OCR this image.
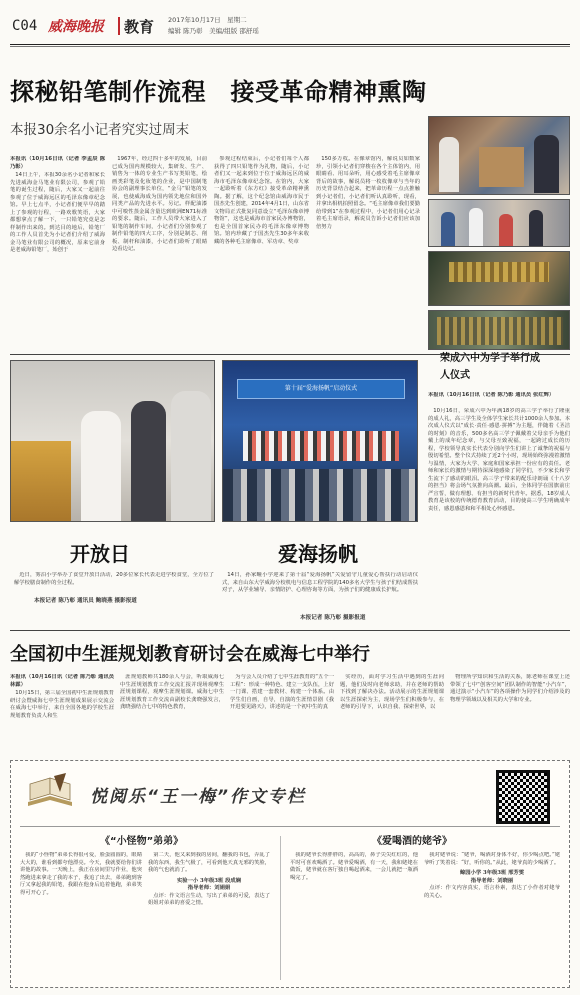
C04 威海晚报 教育 2017年10月17日　星期二
编辑 陈乃彰　美编/组版 邵舒瑶
探秘铅笔制作流程　接受革命精神熏陶
本报30余名小记者究实过周末
本报讯（10月16日讯（记者 李孟辰 陈乃彰）

14日上午，本报30余名小记者和家长先进威海金马笔业有限公司，参观了铅笔的诞生过程，随后，大家又一起前往参观了位于威海远区的毛泽东像章纪念馆。早上七点半，小记者们便早早的踏上了参观的行程，一路欢歌笑语，大家都想拿点了解一下，一只铅笔究竟是怎样制作出来的。到达目的地后，铅笔厂的工作人员首先为小记者们介绍了威海金马笔业有限公司的概况，原来它前身是老威海铅笔厂，始创于

1967年，经过四十多年的发展，目前已成为国内规模较大，集研发、生产、销售为一体的专业生产书写类铅笔，绘画类彩笔及化妆笔的企业，是中国制笔协会的副理事长单位，“金马”铅笔的发展，也使威海成为国内领先地位和国外同类产品的先进水平。另记。样配油漆中可嗅性蒸金属含量达到欧洲EN71标准的要求。随后，工作人员带大家进入了铅笔的制作车间，小记者们分别参观了制作铅笔的四大工序，分别是制芯、削板、制杆和油漆，小记者们聆听了眼睛边看边记。

参观过程结束后，小记者们每个人都获得了四只铅笔作为礼物，随后，小记者们又一起来到位于位于威海远区的威海市毛泽东像章纪念馆。在馆内，大家一起聆听着《东方红》接受革命精神熏陶。据了解，这个纪念馆由威海市民于国杰先生创建，2014年4月1日，山东省文物局正式批复同意设立“毛泽东像章博物馆”，这也是威海市首家民办博物馆，也是全国首家民办的毛泽东像章博物馆。馆内珍藏了于国杰先生30多年来收藏的各种毛主席像章、军功章、奖章

150多万枚。在像章馆内，解说员如数家珍，引领小记者们穿梭在各个主体馆内，用眼睛看、用耳朵听，用心感受着毛主席像章背后的故事，解说员将一枚枚像章与当年的历史背景结合起来，把革命历程一点点推触到小记者们，小记者们听认真聆听，现看，并拿出相机拍照留念。“毛主席像章我们要勤给带到1”在参观过程中，小记者们用心记录着毛主席语录，解说员告诉小记者们应该加倍努力

开放日
第十届“爱海扬帆”启动仪式
爱海扬帆

近日，雾泊小学举办了食堂开放日活动，20多位家长代表走进学校食堂，全方位了解学校膳食制作的全过程。

本报记者 陈乃彰 通讯员 鲍晓燕 摄影报道

14日，孙家疃小学迎来了第十届“爱海扬帆”关爱留守儿童爱心帮扶行动启动仪式，来自山东大学威海分校机电与信息工程学院的140多名大学生与孩子们结成帮扶对子，从学业辅导、亲情陪护、心理咨询等方面，为孩子们的健康成长护航。

本报记者 陈乃彰 摄影报道
荣成六中为学子举行成人仪式
本报讯（10月16日讯（记者 陈乃彰 通讯员 张红辉）

10月16日，荣成六中为年满18岁的高三学子举行了隆重的成人礼，高三学生及全体学生家长共计1000余人参加。本次成人仪式以“成长·责任·感恩·拼搏”为主题，伴随着《圣洁的时刻》的音乐，500多名高三学子佩戴着父母亲手为他们戴上的成年纪念章，与父母互致祝福，一起跨过成长的历程，学校领导真实长代表分别向学生们讲上了诚挚的祝福与殷切希望。整个仪式持续了近2个小时，现场始终弥漫着激情与温情，大家为大学、家庭和国家承担一份应有的责任。老师和家长的激情与期待深深地感染了同学们，不少家长和学生流下了感动的眼泪。高三学子带来的配乐诗朗诵《十八岁的担当》将会场气氛推向高潮。最后，全体同学在国旗前庄严宣誓，做有理想、有担当的新时代青年。据悉，18岁成人教育是该校的传统德育教育活动，目的使高三学生明确成年责任，感恩感恩和和平相处心怀感恩。

全国初中生涯规划教育研讨会在威海七中举行
本报讯（10月16日讯（记者 陈乃彰 通讯员 林霖）

10月15日，第三届全国初中生涯规划教育研讨会暨威海七中生涯规划成果展示交流会在威海七中举行，来自全国各地的学校生涯规划教育负责人和生

涯规划教师共180余人与会，听取威海七中生涯规划教育工作交流汇报并现场观摩生涯规划课程，观摩生涯规划课。威海七中生涯规划教育工作交流由副校长龚晓强发言，龚晓强结合七中的特色教育，

为与会人员介绍了七中生涯教育的“五个一工程”：形成一种特色、建立一支队伍，上好一门课、搭建一套教材、构建一个体系。由学生们自画，自导，自演的生涯情景剧《我开进要见路天》，讲述的是一个初中生的真

实经历，面对学习生活中遇到的生涯问题，他们及时向老师求助，并在老师的帮助下找到了解决办法。活动展示的生涯规划课以生涯探索为主，现场学生们积极参与，在老师的引导下，认识自我、探索世界，以

物理所学知识和生活的关系，陈老师在课堂上还带领了七中“创客空间”团队制作的智能“小汽车”，通过演示“小汽车”的各项操作为同学们介绍涉及的物理学领域以及相关的大学和专业。

悦阅乐“王一梅”作文专栏
《“小怪物”弟弟》

我的“小怪物”弟弟长得很可爱，脸蛋圆圆的，眼睛大大的，谁看到都夸他漂亮。今天，我就要给你们讲讲他的故事。一天晚上，我正在房间里写作业，他突然跑进来拿走了我的本子，我追了出去，弟弟跑到客厅又拿起我的铅笔，我跟在他身后追着他跑，弟弟笑得可开心了。

第二天，他又来到我的房间，翻我的书包，弄乱了我的东西，我生气极了，可看到他天真无邪的笑脸，我的气也就消了。

实验一小 3年级3班 段成娴
指导老师：刘娟娟

点评：作文语言生动，写出了弟弟的可爱，表达了姐姐对弟弟的喜爱之情。

《爱喝酒的姥爷》

我的姥爷长得胖胖的，高高的，鼻子尖尖红红的，他平时可喜欢喝酒了。姥爷爱喝酒，有一天，我和姥姥在做饭，姥爷就在客厅独自喝起酒来，一会儿就把一瓶酒喝完了。

我对姥爷说：“姥爷，喝酒对身体不好，你少喝点吧。”姥爷听了笑着说：“好，听你的。”从此，姥爷真的少喝酒了。

鲸园小学 3年级3班 邢芳雯
指导老师：刘晓丽

点评：作文内容真实，语言朴素，表达了小作者对姥爷的关心。
